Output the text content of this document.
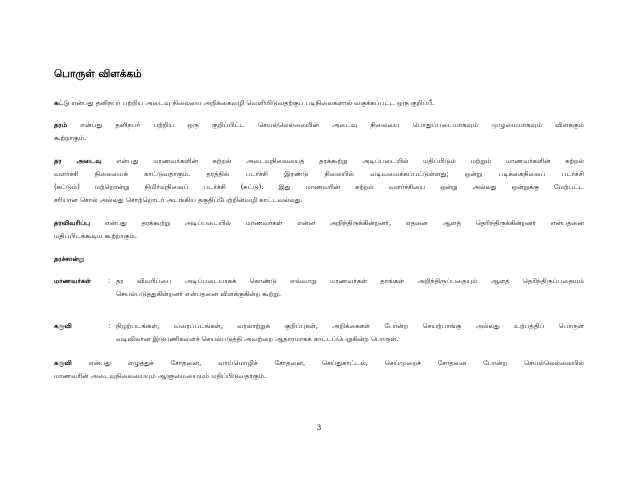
பொருள் விளக்கம்
கட்டு என்பது தனிநபர் பற்றிய அடைவு நிலையை அறிக்கைவழி வெளியிடுவதற்குப் படிநிலைகளால் வகுக்கப்பட்ட ஒரு குறிப்பீ.
தரம் என்பது தனிநபர் பற்றிய ஒரு குறிப்பிட்ட செயல்லெல்லையின் அடைவு நிலையை பொதுப்படையாகவும் முழுமையாகவும் விளக்கும்
கூற்றாகும்.
தர அடைவு என்பது மாணவர்களின் கற்றல் அடைவுநிலையைத் தரக்கூற்று அடிப்படையில் மதிப்பிடும் மற்றும் மாணவர்களின் கற்றல்
வளர்ச்சி நிலையைக் காட்டுவதாகும். தரத்தில் படர்ச்சி இரண்டு நிலையில் வடிவமைக்கப்பட்டுள்ளது; ஒன்று படிக்கைநிலைப் படர்ச்சி
(கட்டும்) மற்றொன்று நிமிர்வுநிலைப் படர்ச்சி (கட்டு). இது மாணவரின் கற்றல் வளர்ச்சியை ஒன்று அல்லது ஒன்றுக்கு மேற்பட்ட
சரியான சொல் அல்லது சொற்றொடர் அடங்கிய தகுதிப்பேற்றின்வழி காட்டவல்லது.
தரவிவரிப்பு என்பது தரக்கூற்று அடிப்படையில் மாணவர்கள் என்ன அறிந்திருக்கின்றனர், எதனை ஆளத் தெரிந்திருக்கின்றனர் என்பதனை
மதிப்பிடக்கூடிய கூற்றாகும்.
தரச்சான்று
மாணவர்கள்	: தர விவரிப்பை அடிப்படையாகக் கொண்டு எவ்வாறு மாணவர்கள் தாங்கள் அறிந்திருப்பதையும் ஆளத் தெரிந்திருப்பதையும்
செயல்படுத்துகின்றனர் என்பதனை விளக்குகின்ற கூற்று.
கருவி	: நிழற்படங்கள், வரைப்படங்கள், வரலாற்றுக் குறிப்புகள், அறிக்கைகள் போன்ற செயற்பாங்கு அல்லது உற்பத்திப் பொருள்
வடிவிலான இடுபணிகளைச் செயல்படுத்தி அவற்றை ஆதாரமாகக் காட்டப்பெறுகின்ற பொருள்.
கருவி என்பது எழுத்துச் சோதனை, வாய்மொழிச் சோதனை, செய்துகாட்டல், செய்முறைச் சோதனை போன்ற செயல்லெல்லையில்
மாணவரின் அடைவுநிலையையும் ஆளுமையையும் மதிப்பிடுவதாகும்.
3
